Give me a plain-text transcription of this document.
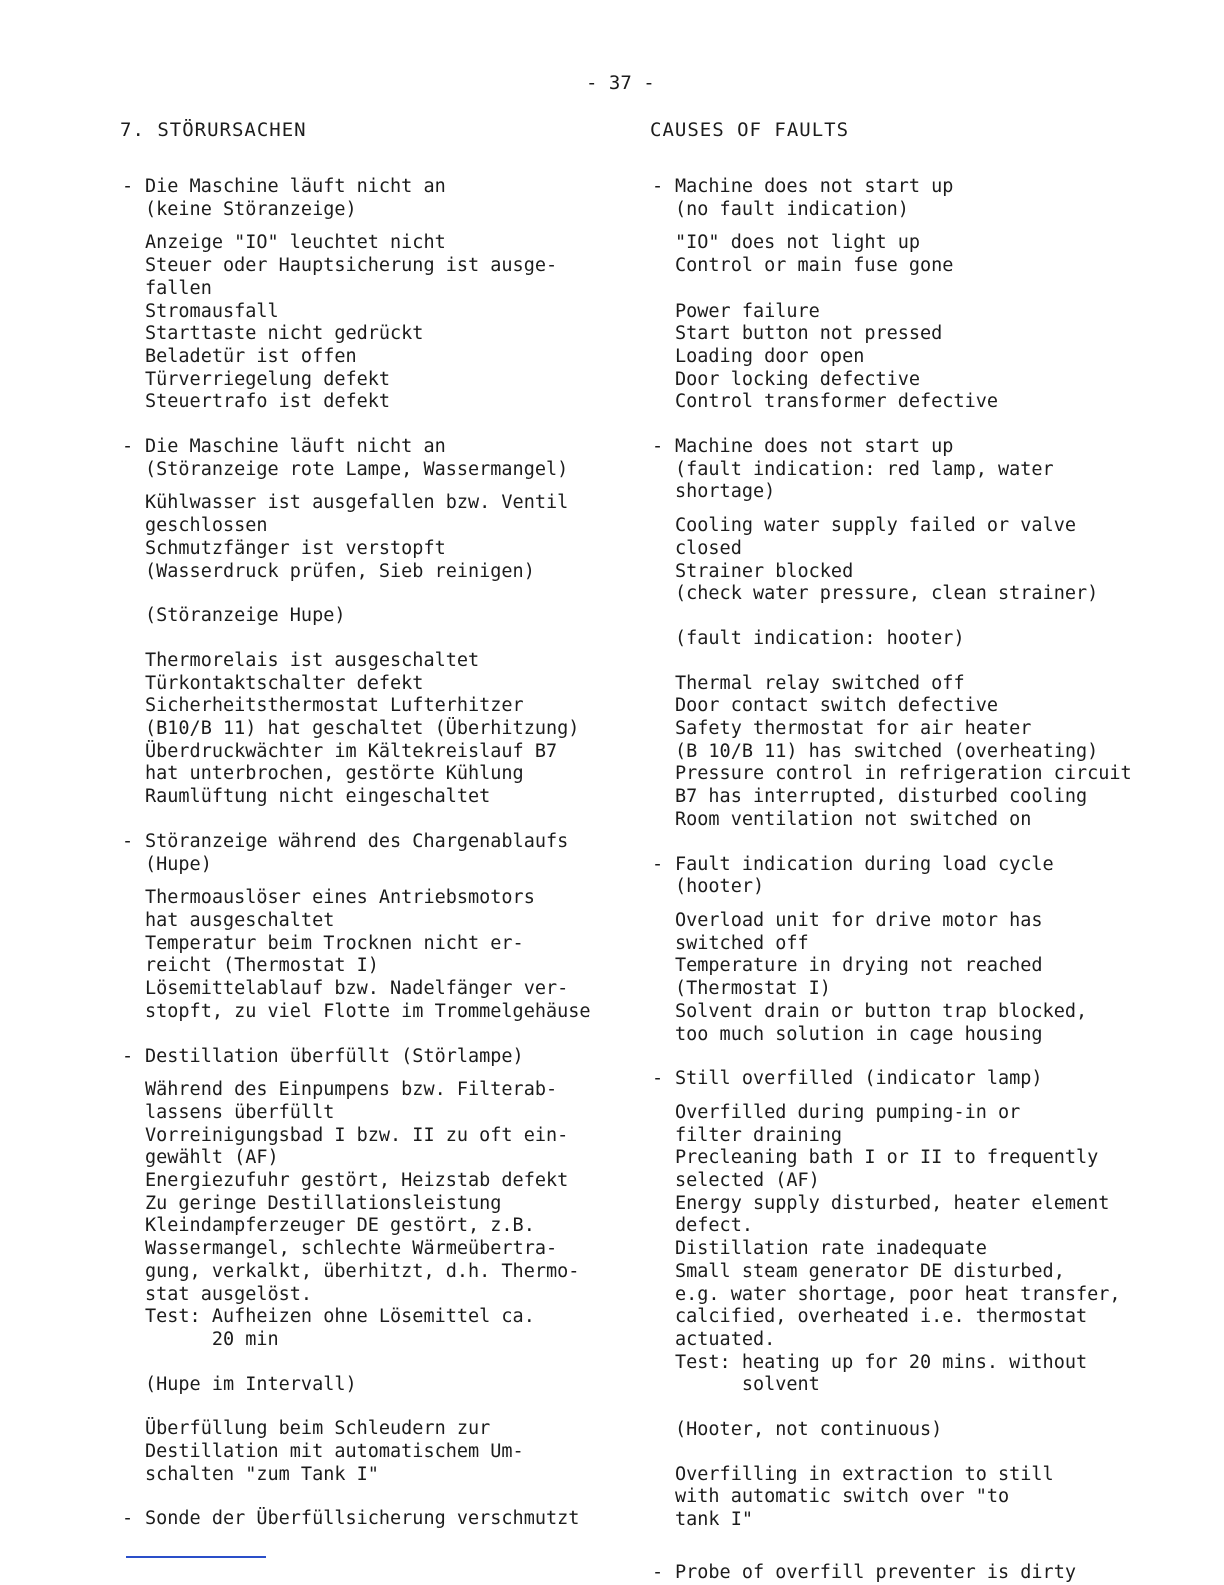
- 37 -
7. STÖRURSACHEN
- Die Maschine läuft nicht an
(keine Störanzeige)
Anzeige "IO" leuchtet nicht
Steuer oder Hauptsicherung ist ausge-
fallen
Stromausfall
Starttaste nicht gedrückt
Beladetür ist offen
Türverriegelung defekt
Steuertrafo ist defekt
- Die Maschine läuft nicht an
(Störanzeige rote Lampe, Wassermangel)
Kühlwasser ist ausgefallen bzw. Ventil
geschlossen
Schmutzfänger ist verstopft
(Wasserdruck prüfen, Sieb reinigen)
(Störanzeige Hupe)
Thermorelais ist ausgeschaltet
Türkontaktschalter defekt
Sicherheitsthermostat Lufterhitzer
(B10/B 11) hat geschaltet (Überhitzung)
Überdruckwächter im Kältekreislauf B7
hat unterbrochen, gestörte Kühlung
Raumlüftung nicht eingeschaltet
- Störanzeige während des Chargenablaufs
(Hupe)
Thermoauslöser eines Antriebsmotors
hat ausgeschaltet
Temperatur beim Trocknen nicht er-
reicht (Thermostat I)
Lösemittelablauf bzw. Nadelfänger ver-
stopft, zu viel Flotte im Trommelgehäuse
- Destillation überfüllt (Störlampe)
Während des Einpumpens bzw. Filterab-
lassens überfüllt
Vorreinigungsbad I bzw. II zu oft ein-
gewählt (AF)
Energiezufuhr gestört, Heizstab defekt
Zu geringe Destillationsleistung
Kleindampferzeuger DE gestört, z.B.
Wassermangel, schlechte Wärmeübertra-
gung, verkalkt, überhitzt, d.h. Thermo-
stat ausgelöst.
Test: Aufheizen ohne Lösemittel ca.
20 min
(Hupe im Intervall)
Überfüllung beim Schleudern zur
Destillation mit automatischem Um-
schalten "zum Tank I"
- Sonde der Überfüllsicherung verschmutzt
CAUSES OF FAULTS
- Machine does not start up
(no fault indication)
"IO" does not light up
Control or main fuse gone

Power failure
Start button not pressed
Loading door open
Door locking defective
Control transformer defective
- Machine does not start up
(fault indication: red lamp, water shortage)
Cooling water supply failed or valve
closed
Strainer blocked
(check water pressure, clean strainer)
(fault indication: hooter)
Thermal relay switched off
Door contact switch defective
Safety thermostat for air heater
(B 10/B 11) has switched (overheating)
Pressure control in refrigeration circuit
B7 has interrupted, disturbed cooling
Room ventilation not switched on
- Fault indication during load cycle
(hooter)
Overload unit for drive motor has
switched off
Temperature in drying not reached
(Thermostat I)
Solvent drain or button trap blocked,
too much solution in cage housing
- Still overfilled (indicator lamp)
Overfilled during pumping-in or
filter draining
Precleaning bath I or II to frequently
selected (AF)
Energy supply disturbed, heater element defect.
Distillation rate inadequate
Small steam generator DE disturbed,
e.g. water shortage, poor heat transfer,
calcified, overheated i.e. thermostat
actuated.
Test: heating up for 20 mins. without
solvent
(Hooter, not continuous)
Overfilling in extraction to still
with automatic switch over "to
tank I"
- Probe of overfill preventer is dirty
